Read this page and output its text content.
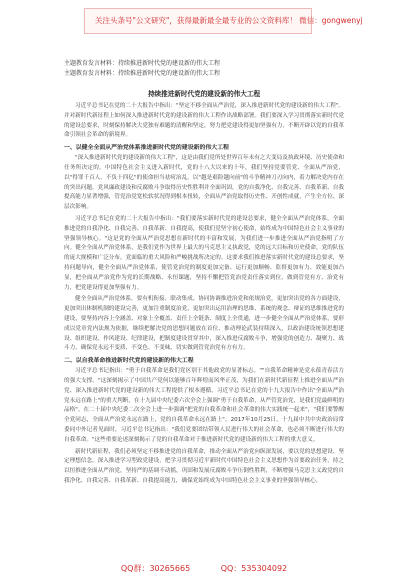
关注头条号"公文研究"，获得最新最全最专业的公文资料库！ 微信：gongwenyj
主题教育发言材料：持续推进新时代党的建设新的伟大工程
主题教育发言材料：持续推进新时代党的建设新的伟大工程
持续推进新时代党的建设新的伟大工程

习近平总书记在党的二十大报告中指出："坚定不移全面从严治党，深入推进新时代党的建设新的伟大工程"。并对新时代新征程上如何深入推进新时代党的建设新的伟大工程作出战略部署。我们要深入学习贯彻落实新时代党的建设总要求，时刻保持解决大党独有难题的清醒和坚定，努力把党建设得更加坚强有力，不断开辟以党的自我革命引领社会革命的新境界。

一、以健全全面从严治党体系推进新时代党的建设新的伟大工程

"深入推进新时代党的建设新的伟大工程"，这是由我们党所处世界百年未有之大变局及执政环境、历史使命和任务所决定的。中国特色社会主义进入新时代，党的十八大以来的十年，我们坚持党要管党、全面从严治党，以"得罪千百人、不负十四亿"的使命担当祛疴治乱，以"越是艰险越向前"的斗争精神刀刃向内，着力解决党内存在的突出问题，党风廉政建设和反腐败斗争取得历史性胜利并全面巩固，党的自我净化、自我完善、自我革新、自我提高能力显著增强，管党治党宽松软状况得到根本扭转，全面从严治党取得历史性、开创性成就，产生全方位、深层次影响。

习近平总书记在党的二十大报告中指出："我们要落实新时代党的建设总要求，健全全面从严治党体系，全面推进党的自我净化、自我完善、自我革新、自我提高，使我们党坚守初心使命，始终成为中国特色社会主义事业的坚强领导核心。"这是党的全面从严治党思想在新时代的丰富和发展，为我们进一步推进全面从严治党指明了方向。健全全面从严治党体系，是我们党作为世界上最大的马克思主义执政党，党的远大目标和历史使命，党的队伍的庞大规模和广泛分布，党面临的重大风险和严峻挑战所决定的。这要求我们推进落实新时代党的建设总要求，坚持问题导向，健全全面从严治党体系，使管党治党的制度更加完备、运行更加顺畅、监督更加有力、效能更加凸显，把全面从严治党作为党的长期战略、永恒课题，坚持不懈把管党治党责任落实到位，做到管党有方、治党有力，把党建设得更加坚强有力。

健全全面从严治党体系，要有机衔接、联动集成、协同协调推进治党和依规治党，更加突出党的各方面建设，更加突出体制机制的建设完善，更加注重制度治党，更加突出运用治理的思维、系统的观念、辩证的思维推进党的建设，要坚持内容上全涵盖、对象上全覆盖、责任上全链条、制度上全贯通，进一步健全全面从严治党体系，要形成以党章党内法规为依据，继续把解决党的思想问题放在首位、推动理论武装持续深入，以政治建设统领思想建设、组织建设、作风建设、纪律建设，把制度建设贯穿其中，深入推进反腐败斗争，增强党的创造力、凝聚力、战斗力，确保党永远不变质、不变色、不变味，切实做到管党治党有方有力。

二、以自我革命推进新时代党的建设新的伟大工程

习近平总书记指出："勇于自我革命是我们党区别于其他政党的显著标志。""自我革命精神是党永葆青春活力的强大支撑。"这深刻揭示了中国共产党何以能够百年辉煌而风华正茂，为我们在新时代新征程上推进全面从严治党、深入推进新时代党的建设新的伟大工程提供了根本遵循。习近平总书记在党的十九大报告中作出"全面从严治党永远在路上"的重大判断，在十九届中央纪委六次全会上强调"勇于自我革命，从严管党治党，是我们党最鲜明的品格"。在二十届中央纪委二次全会上进一步强调"把党的自我革命和社会革命的伟大实践统一起来"，"我们要警醒全党同志，全面从严治党永远在路上，党的自我革命永远在路上"。2017年10月25日，十九届中共中央政治局常委同中外记者见面时，习近平总书记指出："我们党要团结带领人民进行伟大的社会革命，也必须不断进行伟大的自我革命。"这些重要论述深刻揭示了党的自我革命对于推进新时代党的建设新的伟大工程的重大意义。

新时代新征程，我们必须坚定不移推进党的自我革命，推动全面从严治党向纵深发展，要以党的思想建设、坚定理想信念，深入推进学习型政党建设，把学习贯彻习近平新时代中国特色社会主义思想作为首要政治任务，持之以恒推进全面从严治党，坚持严的基调不动摇，巩固和发展反腐败斗争压倒性胜利，不断增强马克思主义政党的自我净化、自我完善、自我革新、自我提高能力，确保党始终成为中国特色社会主义事业的坚强领导核心。

QQ群：30265665	QQ：535304092
